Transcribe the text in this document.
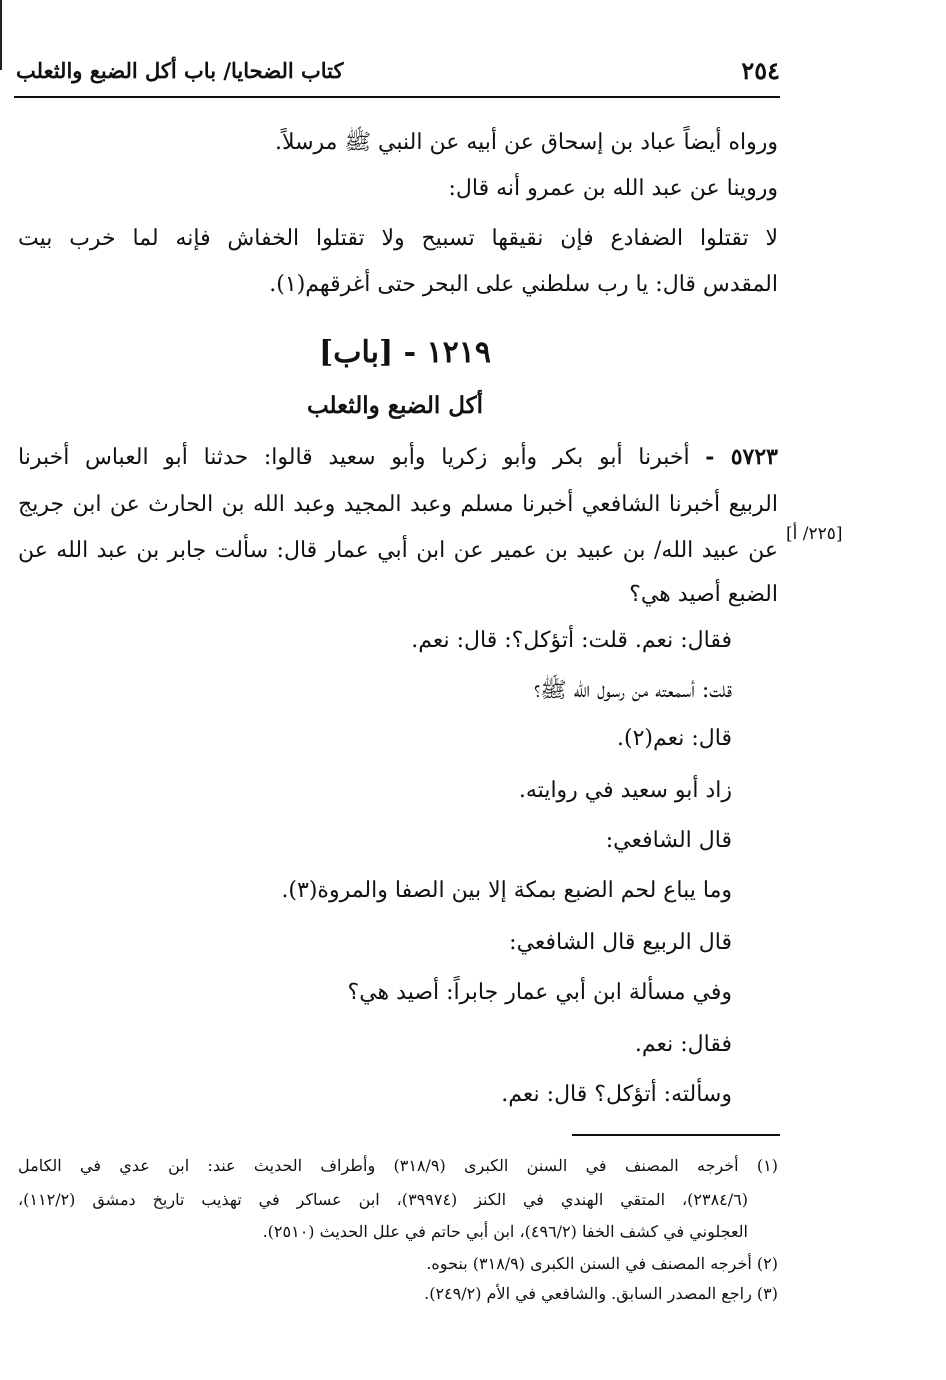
كتاب الضحايا/ باب أكل الضبع والثعلب	٢٥٤
ورواه أيضاً عباد بن إسحاق عن أبيه عن النبي ﷺ مرسلاً.
وروينا عن عبد الله بن عمرو أنه قال:
لا تقتلوا الضفادع فإن نقيقها تسبيح ولا تقتلوا الخفاش فإنه لما خرب بيت
المقدس قال: يا رب سلطني على البحر حتى أغرقهم(١).
١٢١٩ - [باب]
أكل الضبع والثعلب
٥٧٢٣ - أخبرنا أبو بكر وأبو زكريا وأبو سعيد قالوا: حدثنا أبو العباس أخبرنا
الربيع أخبرنا الشافعي أخبرنا مسلم وعبد المجيد وعبد الله بن الحارث عن ابن جريج
عن عبيد الله/ بن عبيد بن عمير عن ابن أبي عمار قال: سألت جابر بن عبد الله عن
الضبع أصيد هي؟
[٢٢٥/ أ]
فقال: نعم. قلت: أتؤكل؟: قال: نعم.
قلت: أسمعته من رسول الله ﷺ؟
قال: نعم(٢).
زاد أبو سعيد في روايته.
قال الشافعي:
وما يباع لحم الضبع بمكة إلا بين الصفا والمروة(٣).
قال الربيع قال الشافعي:
وفي مسألة ابن أبي عمار جابراً: أصيد هي؟
فقال: نعم.
وسألته: أتؤكل؟ قال: نعم.
(١) أخرجه المصنف في السنن الكبرى (٣١٨/٩) وأطراف الحديث عند: ابن عدي في الكامل
(٢٣٨٤/٦)، المتقي الهندي في الكنز (٣٩٩٧٤)، ابن عساكر في تهذيب تاريخ دمشق (١١٢/٢)،
العجلوني في كشف الخفا (٤٩٦/٢)، ابن أبي حاتم في علل الحديث (٢٥١٠).
(٢) أخرجه المصنف في السنن الكبرى (٣١٨/٩) بنحوه.
(٣) راجع المصدر السابق. والشافعي في الأم (٢٤٩/٢).
